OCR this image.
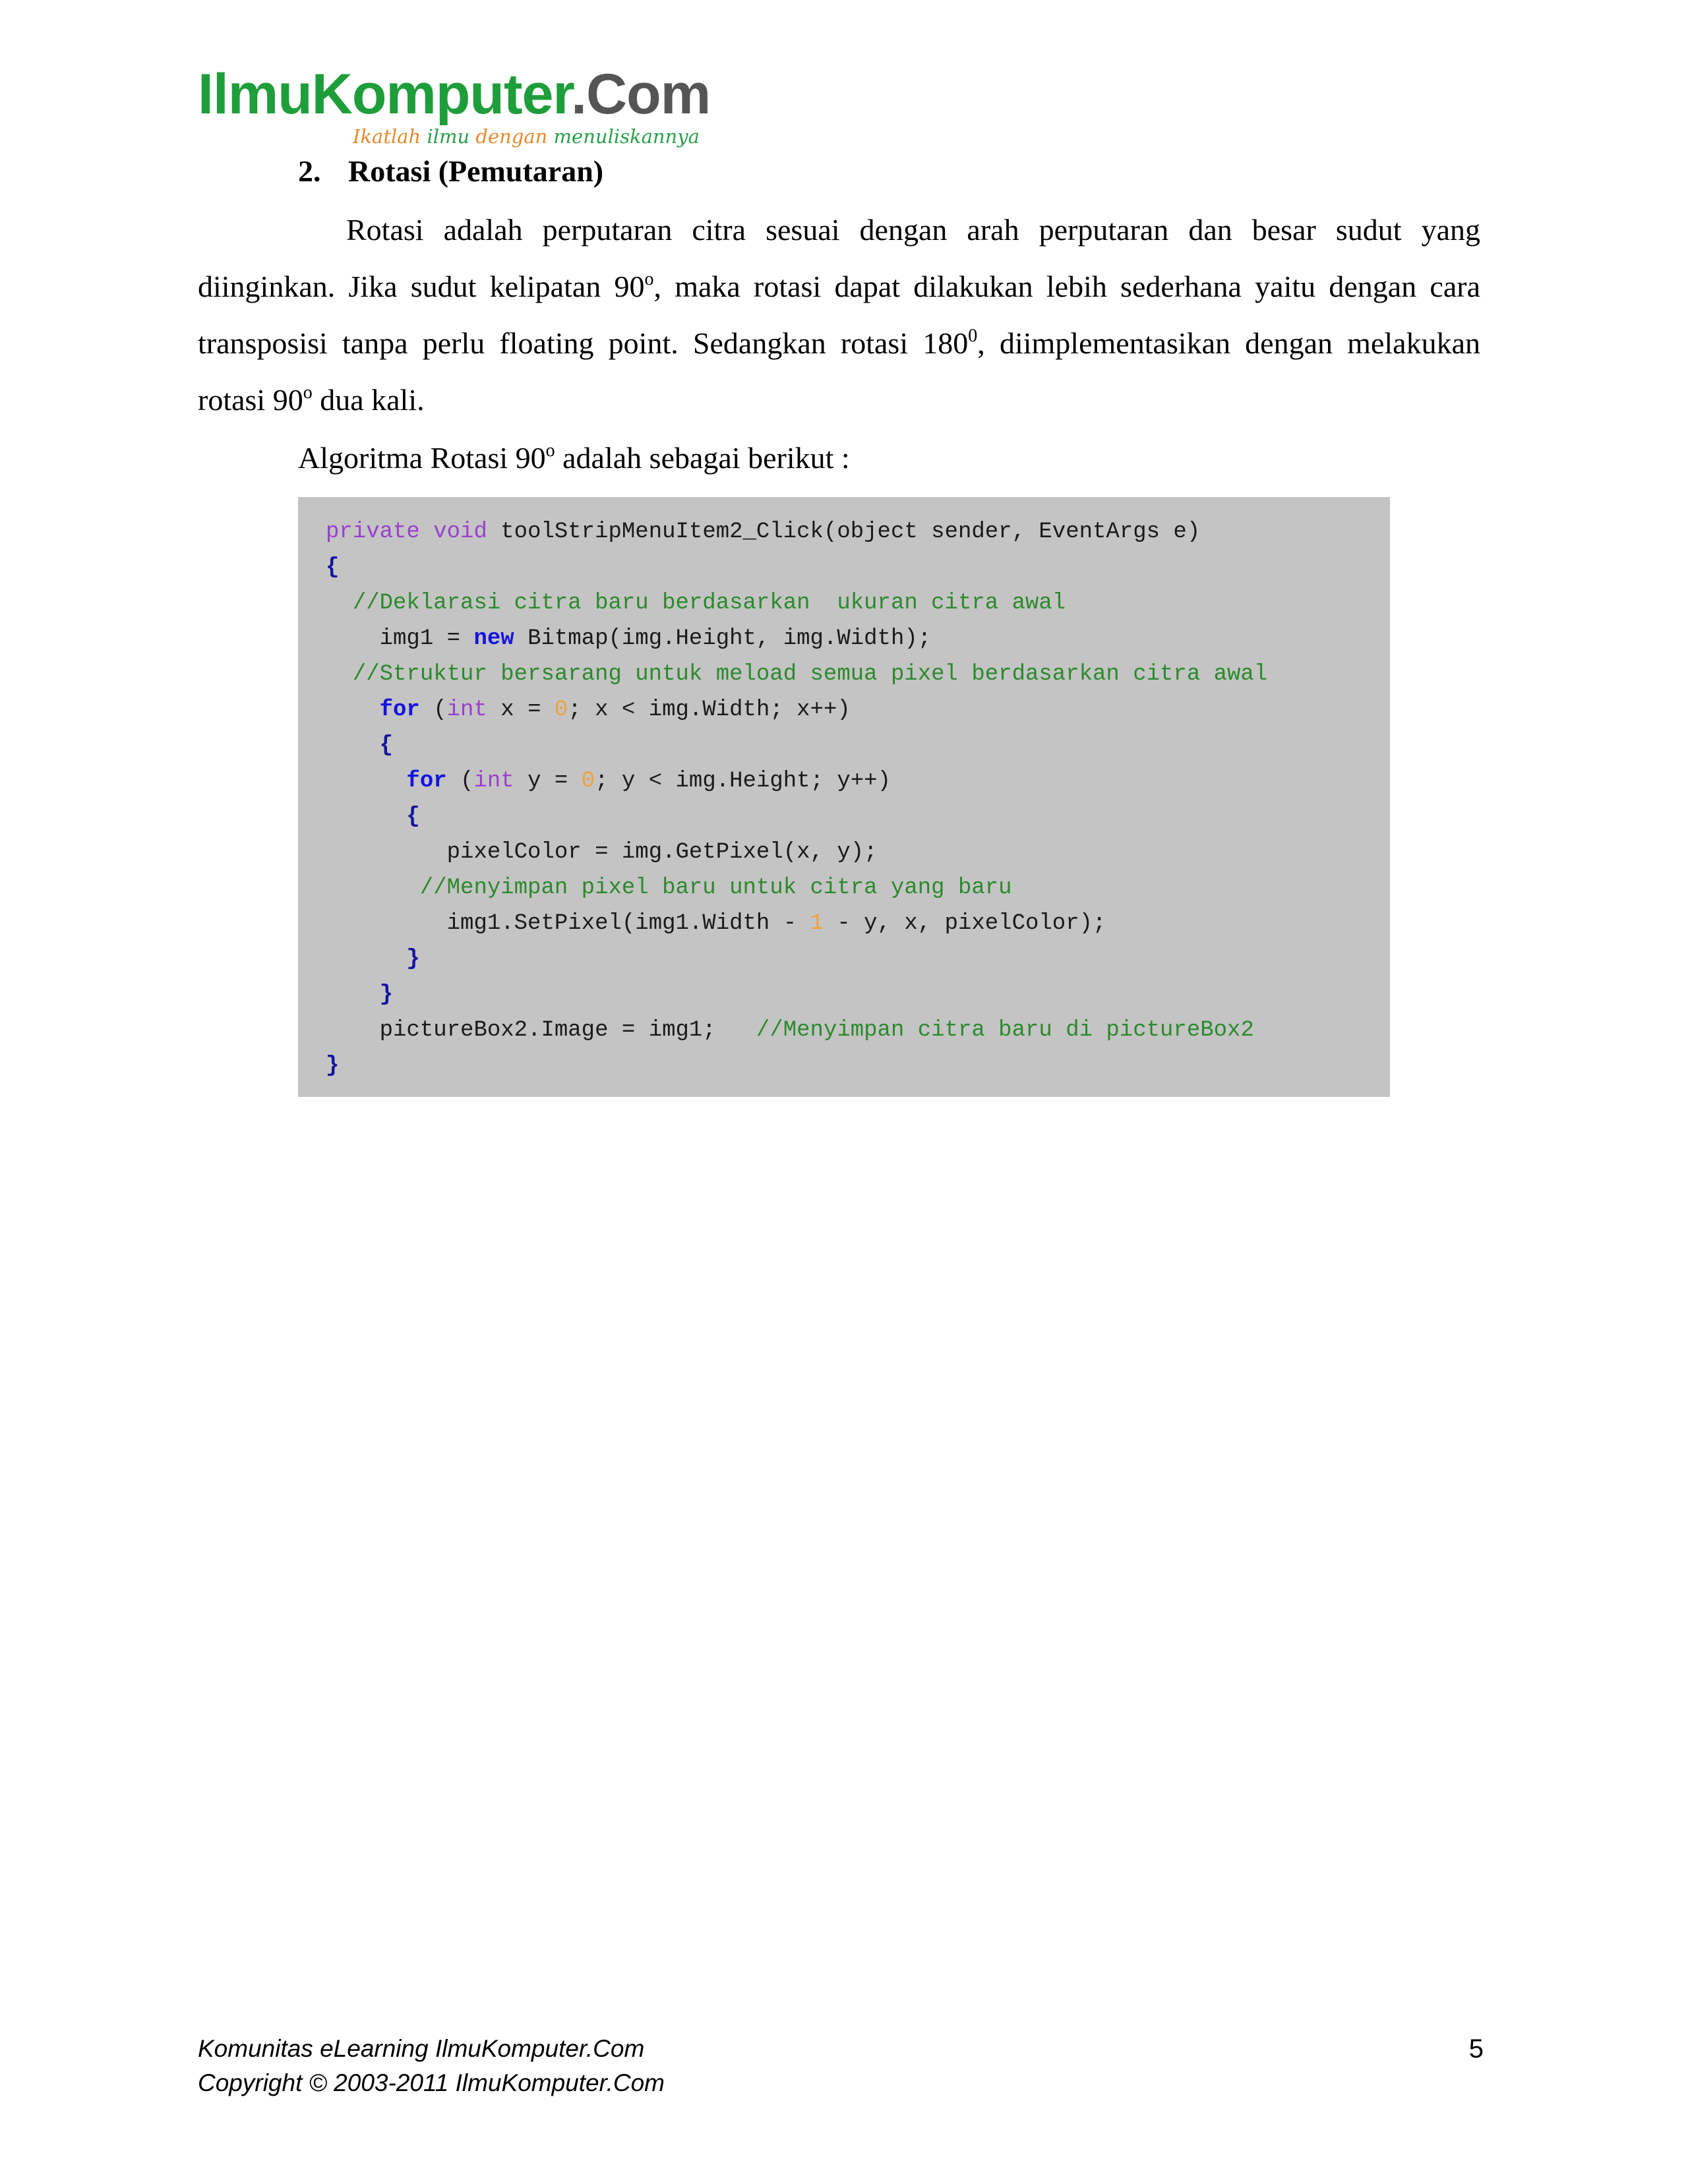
IlmuKomputer.Com
Ikatlah ilmu dengan menuliskannya
2. Rotasi (Pemutaran)

Rotasi adalah perputaran citra sesuai dengan arah perputaran dan besar sudut yang diinginkan. Jika sudut kelipatan 90$^o$, maka rotasi dapat dilakukan lebih sederhana yaitu dengan cara transposisi tanpa perlu floating point. Sedangkan rotasi $180^0$, diimplementasikan dengan melakukan rotasi 90$^o$ dua kali.

Algoritma Rotasi 90$^o$ adalah sebagai berikut :
private void toolStripMenuItem2_Click(object sender, EventArgs e)
{
//Deklarasi citra baru berdasarkan  ukuran citra awal
img1 = new Bitmap(img.Height, img.Width);
//Struktur bersarang untuk meload semua pixel berdasarkan citra awal
for (int x = 0; x < img.Width; x++)
{
for (int y = 0; y < img.Height; y++)
{
pixelColor = img.GetPixel(x, y);
//Menyimpan pixel baru untuk citra yang baru
img1.SetPixel(img1.Width - 1 - y, x, pixelColor);
}
}
pictureBox2.Image = img1;   //Menyimpan citra baru di pictureBox2
}
Komunitas eLearning IlmuKomputer.Com
Copyright © 2003-2011 IlmuKomputer.Com
5
